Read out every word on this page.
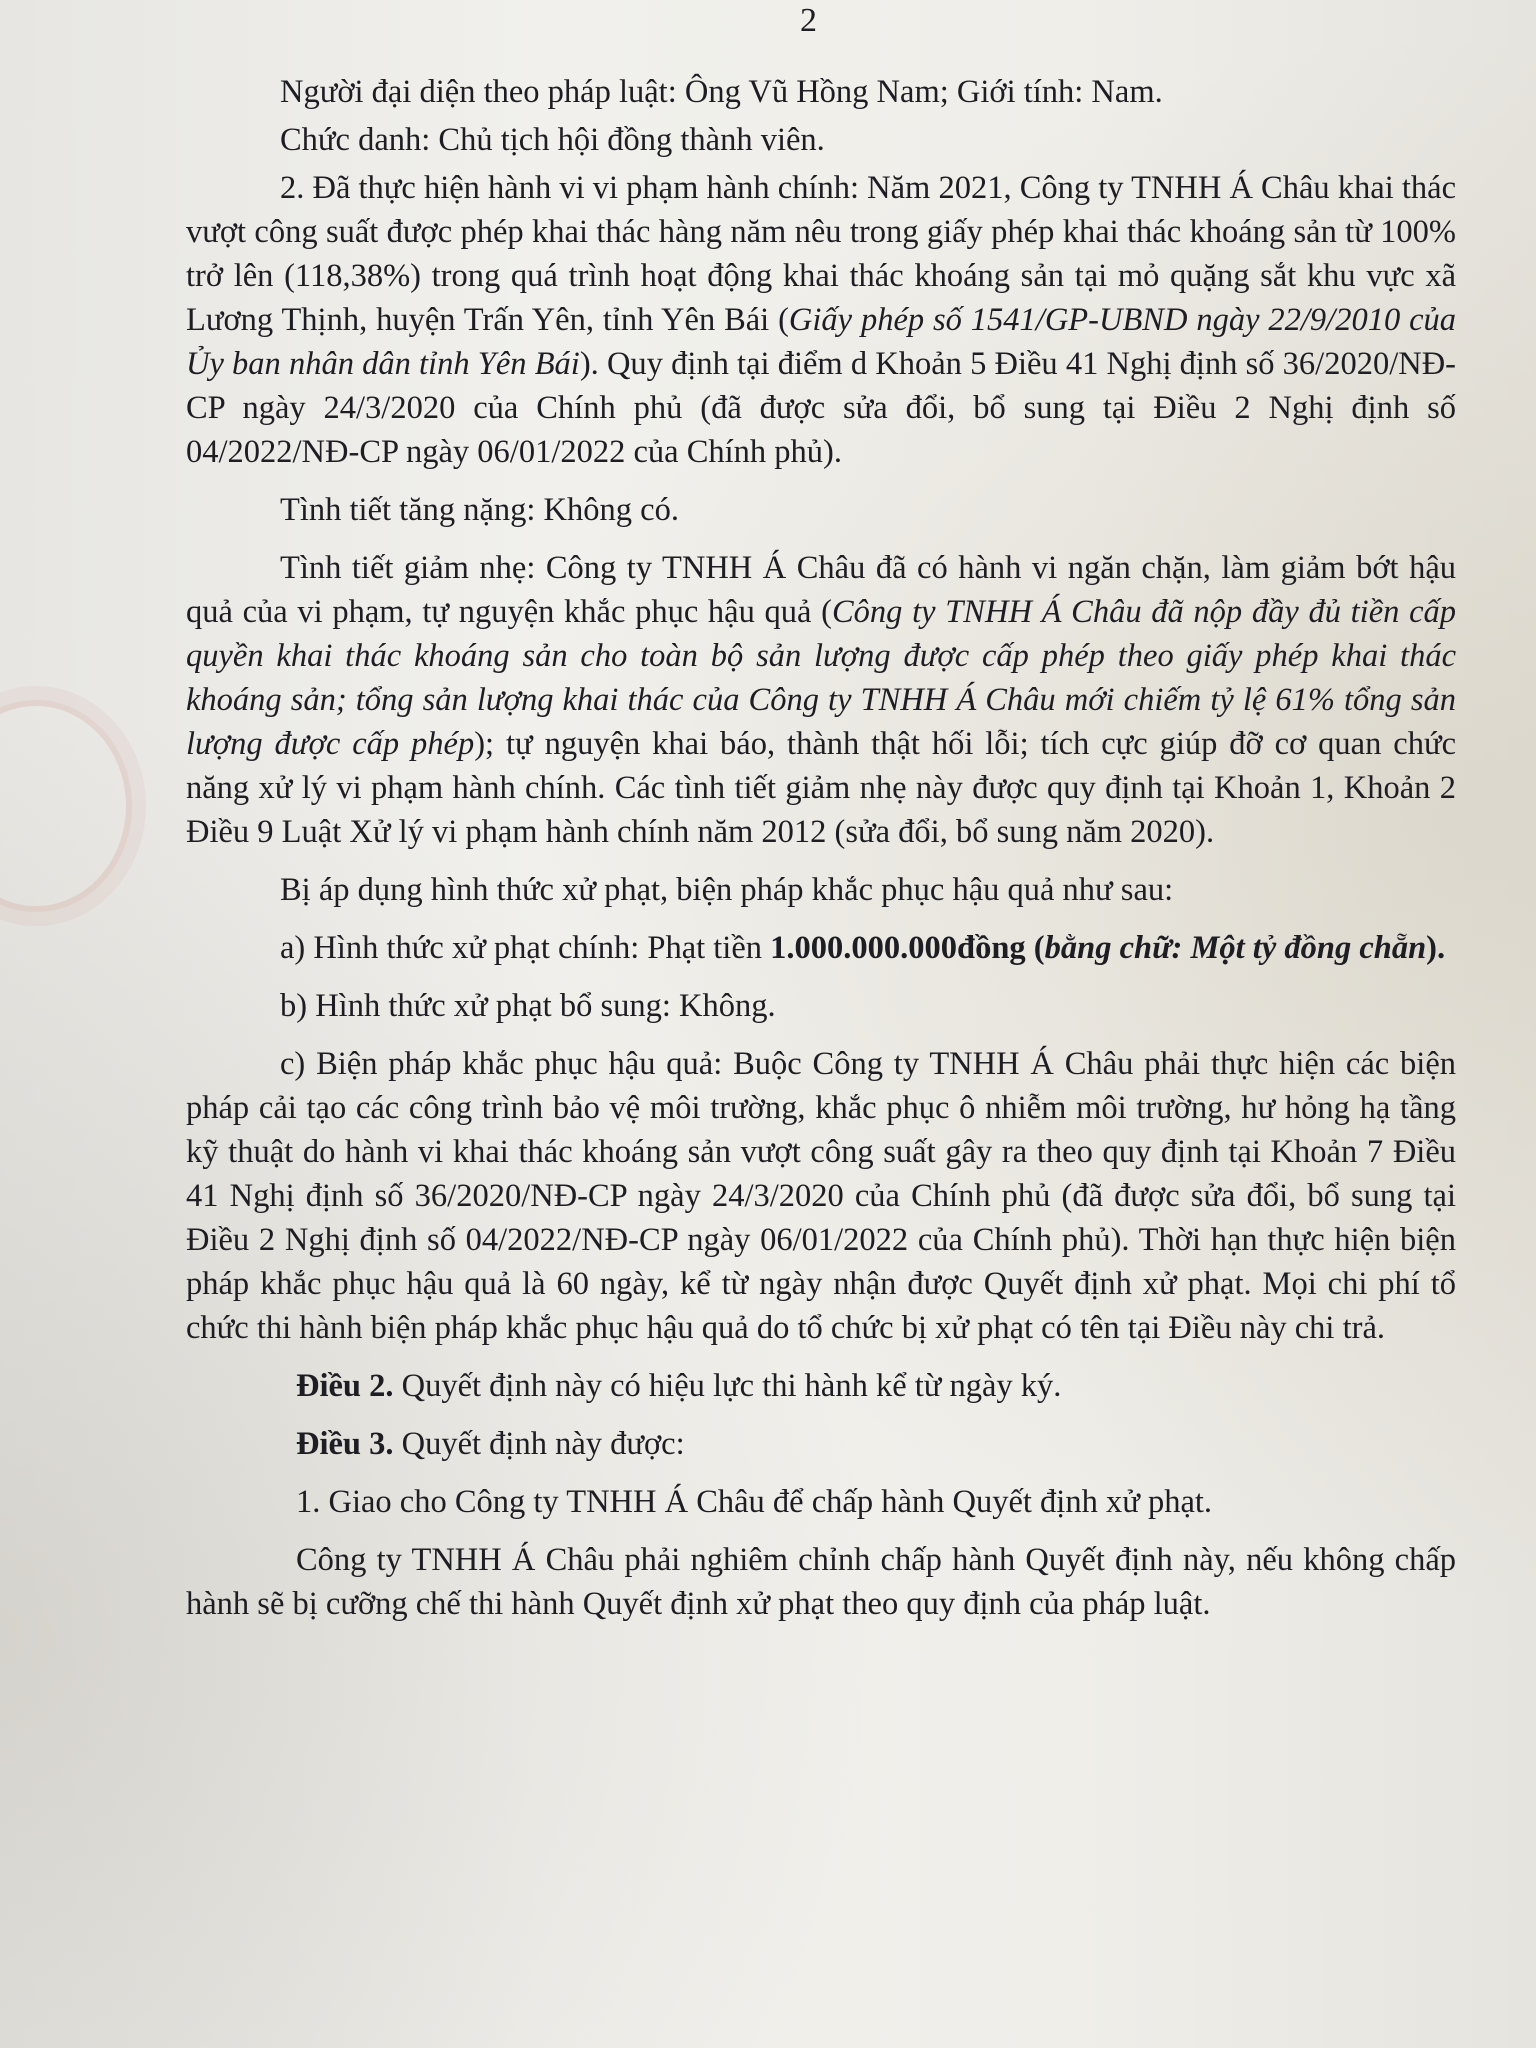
2

Người đại diện theo pháp luật: Ông Vũ Hồng Nam; Giới tính: Nam.

Chức danh: Chủ tịch hội đồng thành viên.

2. Đã thực hiện hành vi vi phạm hành chính: Năm 2021, Công ty TNHH Á Châu khai thác vượt công suất được phép khai thác hàng năm nêu trong giấy phép khai thác khoáng sản từ 100% trở lên (118,38%) trong quá trình hoạt động khai thác khoáng sản tại mỏ quặng sắt khu vực xã Lương Thịnh, huyện Trấn Yên, tỉnh Yên Bái (Giấy phép số 1541/GP-UBND ngày 22/9/2010 của Ủy ban nhân dân tỉnh Yên Bái). Quy định tại điểm d Khoản 5 Điều 41 Nghị định số 36/2020/NĐ-CP ngày 24/3/2020 của Chính phủ (đã được sửa đổi, bổ sung tại Điều 2 Nghị định số 04/2022/NĐ-CP ngày 06/01/2022 của Chính phủ).

Tình tiết tăng nặng: Không có.

Tình tiết giảm nhẹ: Công ty TNHH Á Châu đã có hành vi ngăn chặn, làm giảm bớt hậu quả của vi phạm, tự nguyện khắc phục hậu quả (Công ty TNHH Á Châu đã nộp đầy đủ tiền cấp quyền khai thác khoáng sản cho toàn bộ sản lượng được cấp phép theo giấy phép khai thác khoáng sản; tổng sản lượng khai thác của Công ty TNHH Á Châu mới chiếm tỷ lệ 61% tổng sản lượng được cấp phép); tự nguyện khai báo, thành thật hối lỗi; tích cực giúp đỡ cơ quan chức năng xử lý vi phạm hành chính. Các tình tiết giảm nhẹ này được quy định tại Khoản 1, Khoản 2 Điều 9 Luật Xử lý vi phạm hành chính năm 2012 (sửa đổi, bổ sung năm 2020).

Bị áp dụng hình thức xử phạt, biện pháp khắc phục hậu quả như sau:

a) Hình thức xử phạt chính: Phạt tiền 1.000.000.000đồng (bằng chữ: Một tỷ đồng chẵn).

b) Hình thức xử phạt bổ sung: Không.

c) Biện pháp khắc phục hậu quả: Buộc Công ty TNHH Á Châu phải thực hiện các biện pháp cải tạo các công trình bảo vệ môi trường, khắc phục ô nhiễm môi trường, hư hỏng hạ tầng kỹ thuật do hành vi khai thác khoáng sản vượt công suất gây ra theo quy định tại Khoản 7 Điều 41 Nghị định số 36/2020/NĐ-CP ngày 24/3/2020 của Chính phủ (đã được sửa đổi, bổ sung tại Điều 2 Nghị định số 04/2022/NĐ-CP ngày 06/01/2022 của Chính phủ). Thời hạn thực hiện biện pháp khắc phục hậu quả là 60 ngày, kể từ ngày nhận được Quyết định xử phạt. Mọi chi phí tổ chức thi hành biện pháp khắc phục hậu quả do tổ chức bị xử phạt có tên tại Điều này chi trả.

Điều 2. Quyết định này có hiệu lực thi hành kể từ ngày ký.

Điều 3. Quyết định này được:

1. Giao cho Công ty TNHH Á Châu để chấp hành Quyết định xử phạt.

Công ty TNHH Á Châu phải nghiêm chỉnh chấp hành Quyết định này, nếu không chấp hành sẽ bị cưỡng chế thi hành Quyết định xử phạt theo quy định của pháp luật.
